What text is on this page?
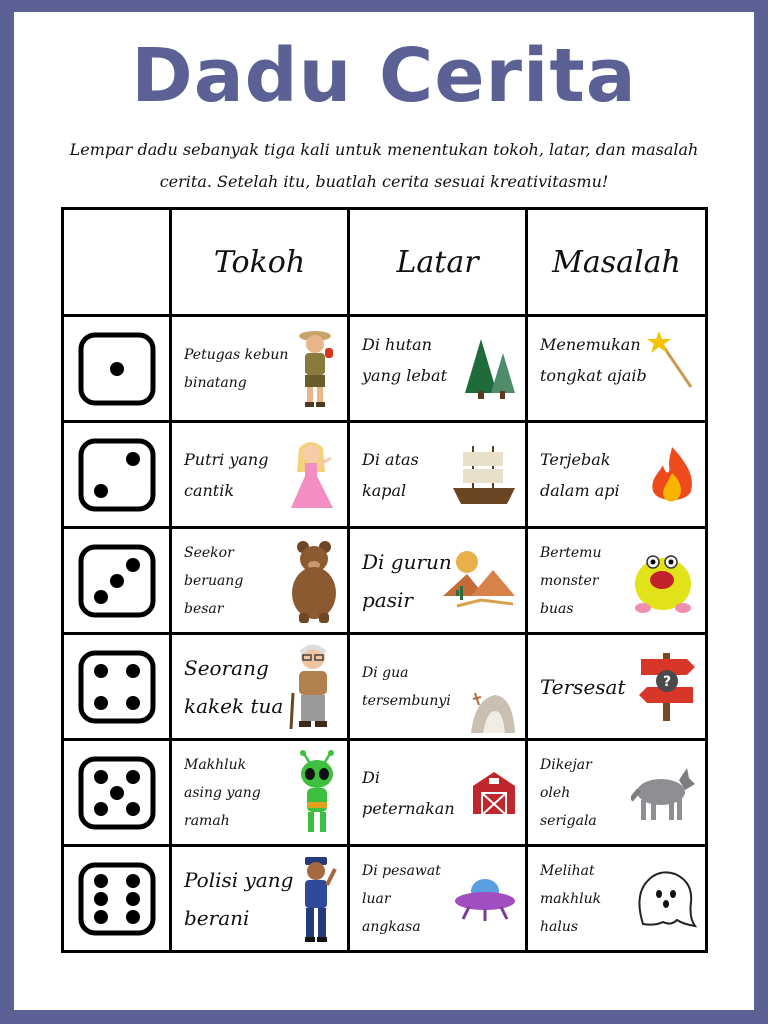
Dadu Cerita
Lempar dadu sebanyak tiga kali untuk menentukan tokoh, latar, dan masalah cerita. Setelah itu, buatlah cerita sesuai kreativitasmu!
	Tokoh	Latar	Masalah

Petugas kebun
binatang	Di hutan
yang lebat	Menemukan
tongkat ajaib

Putri yang
cantik	Di atas
kapal	Terjebak
dalam api

Seekor
beruang
besar	Di gurun
pasir	Bertemu
monster
buas

Seorang
kakek tua	Di gua
tersembunyi	Tersesat ?

Makhluk
asing yang
ramah	Di
peternakan	Dikejar
oleh
serigala

Polisi yang
berani	Di pesawat
luar
angkasa	Melihat
makhluk
halus
